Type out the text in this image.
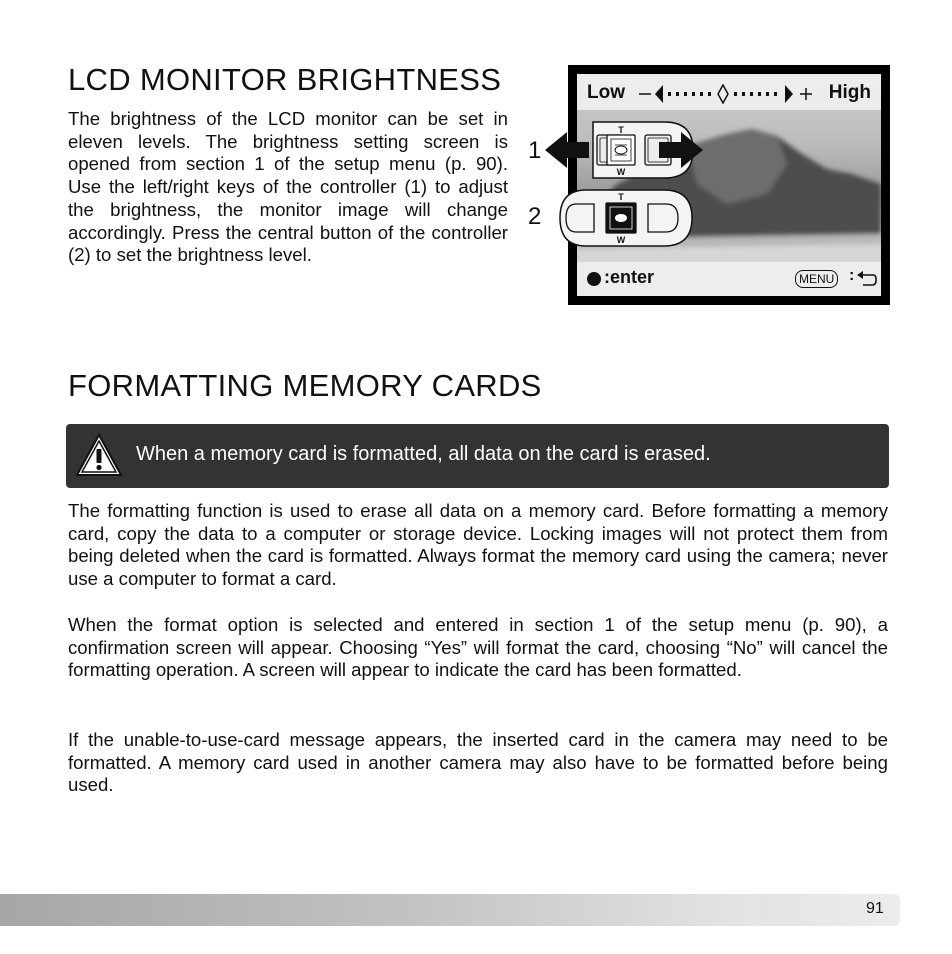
LCD MONITOR BRIGHTNESS

The brightness of the LCD monitor can be set in eleven levels. The brightness setting screen is opened from section 1 of the setup menu (p. 90). Use the left/right keys of the controller (1) to adjust the brightness, the monitor image will change accordingly. Press the central button of the controller (2) to set the brightness level.

Low	High
:enter	MENU :
1
2
T
W
T
W
FORMATTING MEMORY CARDS
When a memory card is formatted, all data on the card is erased.

The formatting function is used to erase all data on a memory card. Before formatting a memory card, copy the data to a computer or storage device. Locking images will not protect them from being deleted when the card is formatted. Always format the memory card using the camera; never use a computer to format a card.

When the format option is selected and entered in section 1 of the setup menu (p. 90), a confirmation screen will appear. Choosing “Yes” will format the card, choosing “No” will cancel the formatting operation. A screen will appear to indicate the card has been formatted.

If the unable-to-use-card message appears, the inserted card in the camera may need to be formatted. A memory card used in another camera may also have to be formatted before being used.

91
